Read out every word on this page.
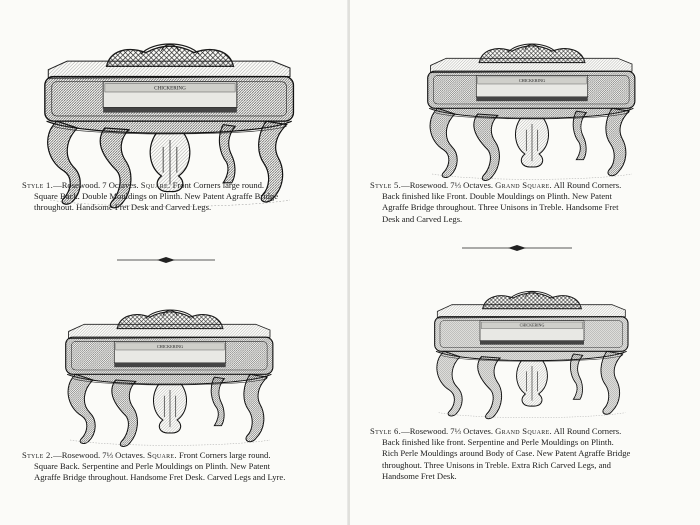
CHICKERING
Style 1.—Rosewood. 7 Octaves. Square. Front Corners large round.
Square Back. Double Mouldings on Plinth. New Patent Agraffe Bridge
throughout. Handsome Fret Desk and Carved Legs.
CHICKERING
Style 2.—Rosewood. 7⅓ Octaves. Square. Front Corners large round.
Square Back. Serpentine and Perle Mouldings on Plinth. New Patent
Agraffe Bridge throughout. Handsome Fret Desk. Carved Legs and Lyre.
CHICKERING
Style 5.—Rosewood. 7⅓ Octaves. Grand Square. All Round Corners.
Back finished like Front. Double Mouldings on Plinth. New Patent
Agraffe Bridge throughout. Three Unisons in Treble. Handsome Fret
Desk and Carved Legs.
CHICKERING
Style 6.—Rosewood. 7⅓ Octaves. Grand Square. All Round Corners.
Back finished like front. Serpentine and Perle Mouldings on Plinth.
Rich Perle Mouldings around Body of Case. New Patent Agraffe Bridge
throughout. Three Unisons in Treble. Extra Rich Carved Legs, and
Handsome Fret Desk.
